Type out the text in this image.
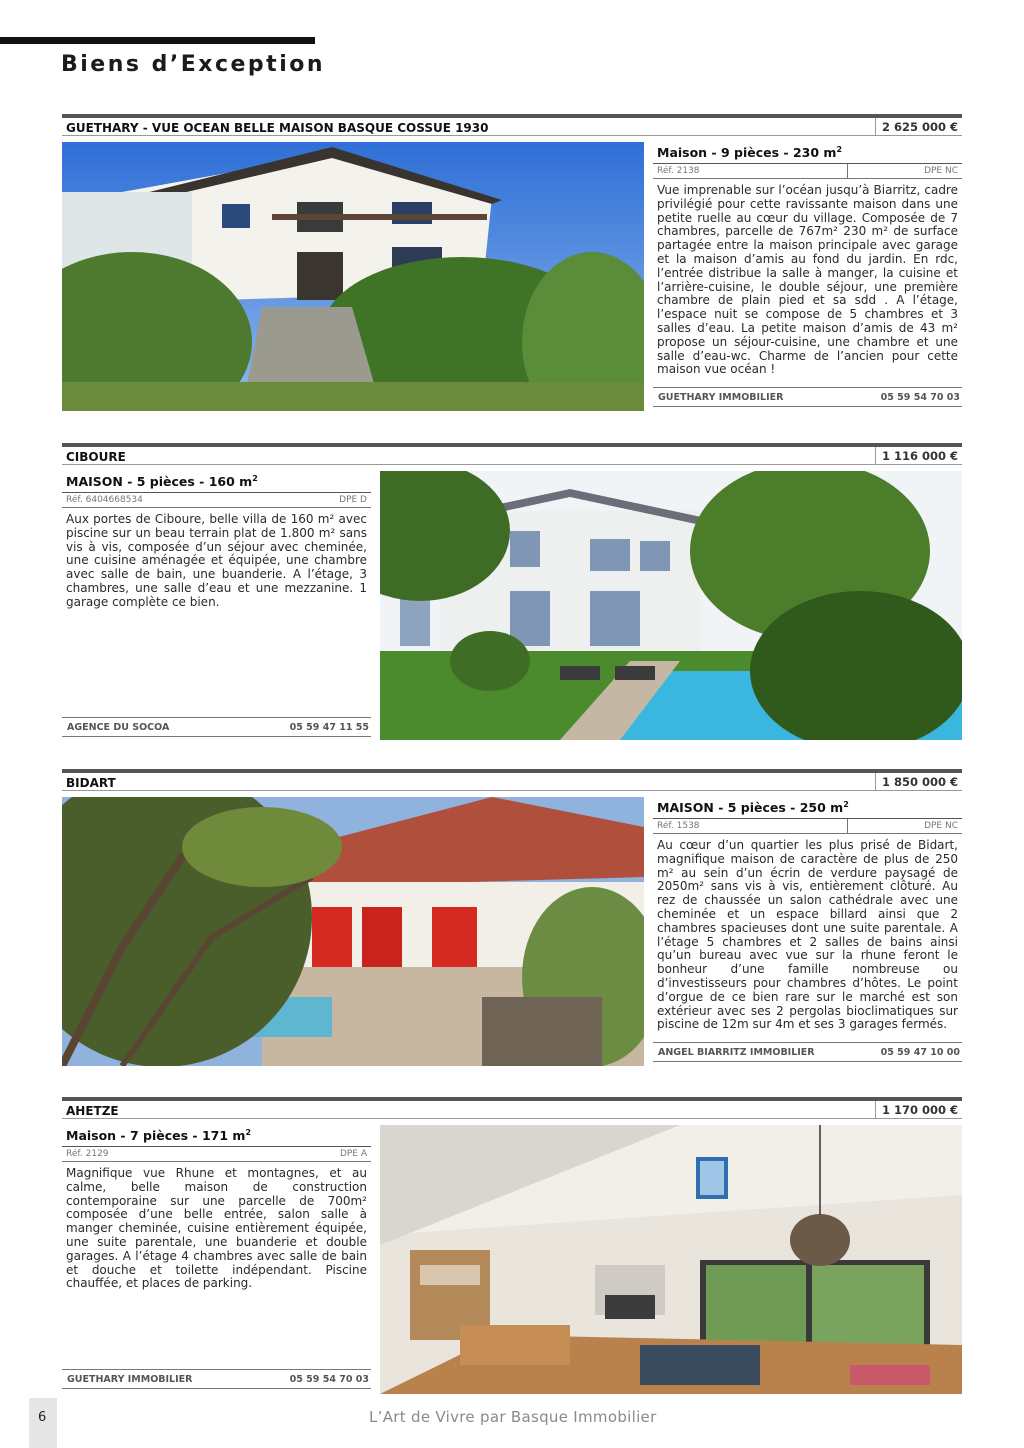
Biens d’Exception
GUETHARY - VUE OCEAN BELLE MAISON BASQUE COSSUE 1930	2 625 000 €
Maison - 9 pièces - 230 $m^2$
Réf. 2138	DPE NC

Vue imprenable sur l’océan jusqu’à Biarritz, cadre privilégié pour cette ravissante maison dans une petite ruelle au cœur du village. Composée de 7 chambres, parcelle de 767m² 230 m² de surface partagée entre la maison principale avec garage et la maison d’amis au fond du jardin. En rdc, l’entrée distribue la salle à manger, la cuisine et l’arrière-cuisine, le double séjour, une première chambre de plain pied et sa sdd . A l’étage, l’espace nuit se compose de 5 chambres et 3 salles d’eau. La petite maison d’amis de 43 m² propose un séjour-cuisine, une chambre et une salle d’eau-wc. Charme de l’ancien pour cette maison vue océan !

GUETHARY IMMOBILIER	05 59 54 70 03
CIBOURE	1 116 000 €
MAISON - 5 pièces - 160 $m^2$
Réf. 6404668534	DPE D

Aux portes de Ciboure, belle villa de 160 m² avec piscine sur un beau terrain plat de 1.800 m² sans vis à vis, composée d’un séjour avec cheminée, une cuisine aménagée et équipée, une chambre avec salle de bain, une buanderie. A l’étage, 3 chambres, une salle d’eau et une mezzanine. 1 garage complète ce bien.

AGENCE DU SOCOA	05 59 47 11 55
BIDART	1 850 000 €
MAISON - 5 pièces - 250 $m^2$
Réf. 1538	DPE NC

Au cœur d’un quartier les plus prisé de Bidart, magnifique maison de caractère de plus de 250 m² au sein d’un écrin de verdure paysagé de 2050m² sans vis à vis, entièrement clôturé. Au rez de chaussée un salon cathédrale avec une cheminée et un espace billard ainsi que 2 chambres spacieuses dont une suite parentale. A l’étage 5 chambres et 2 salles de bains ainsi qu’un bureau avec vue sur la rhune feront le bonheur d’une famille nombreuse ou d’investisseurs pour chambres d’hôtes. Le point d’orgue de ce bien rare sur le marché est son extérieur avec ses 2 pergolas bioclimatiques sur piscine de 12m sur 4m et ses 3 garages fermés.

ANGEL BIARRITZ IMMOBILIER	05 59 47 10 00
AHETZE	1 170 000 €
Maison - 7 pièces - 171 $m^2$
Réf. 2129	DPE A

Magnifique vue Rhune et montagnes, et au calme, belle maison de construction contemporaine sur une parcelle de 700m² composée d’une belle entrée, salon salle à manger cheminée, cuisine entièrement équipée, une suite parentale, une buanderie et double garages. A l’étage 4 chambres avec salle de bain et douche et toilette indépendant. Piscine chauffée, et places de parking.

GUETHARY IMMOBILIER	05 59 54 70 03
6	L’Art de Vivre par Basque Immobilier
